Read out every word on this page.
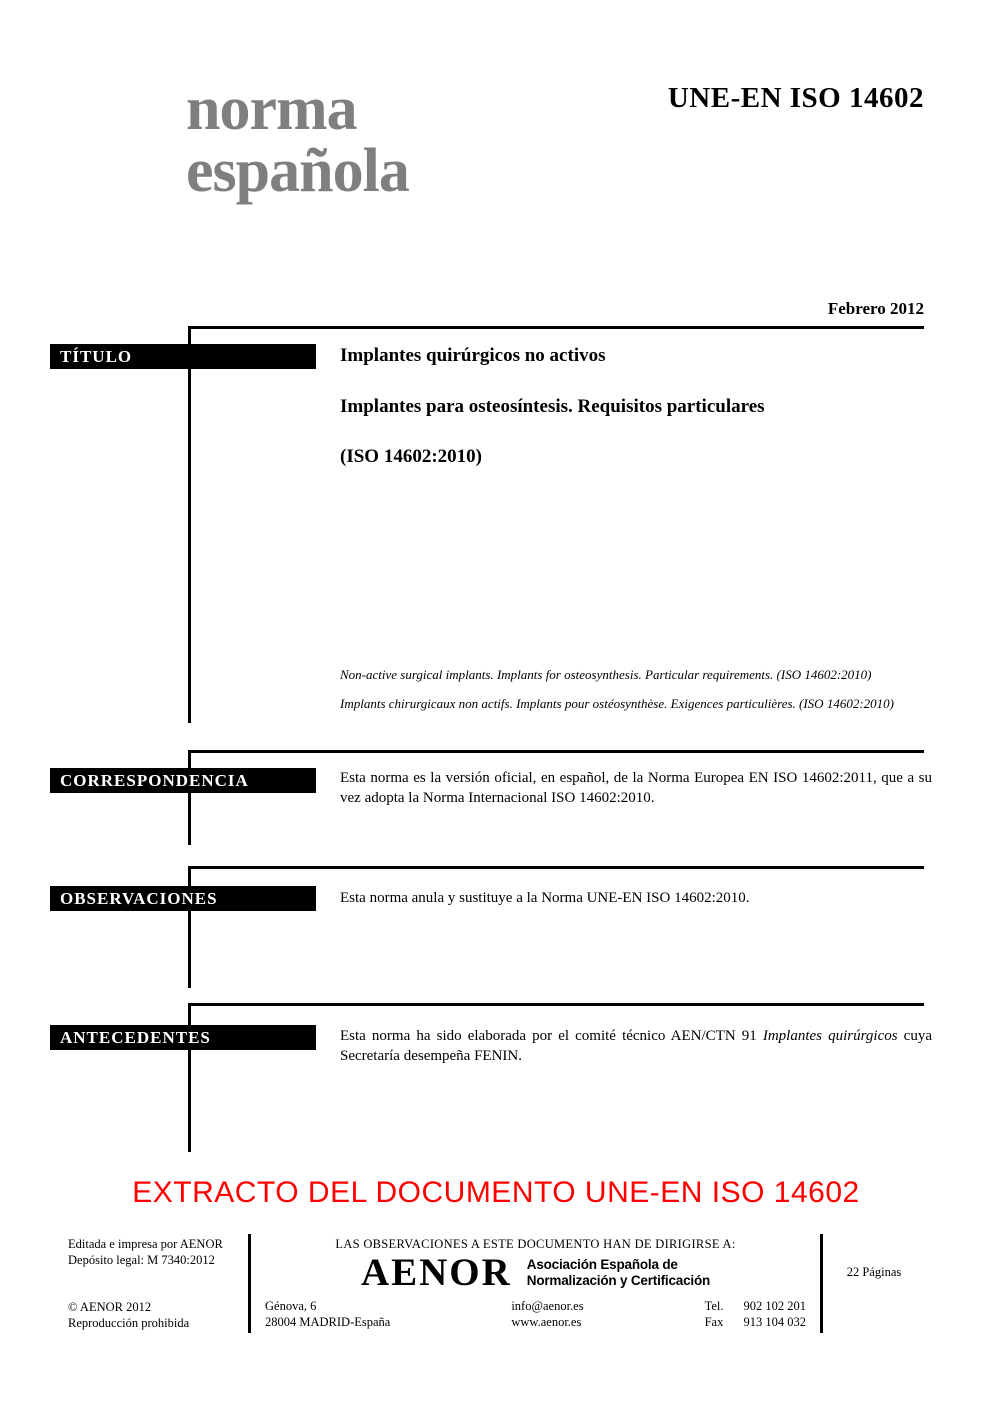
norma
española
UNE-EN ISO 14602
Febrero 2012
TÍTULO	Implantes quirúrgicos no activos
Implantes para osteosíntesis. Requisitos particulares
(ISO 14602:2010)
Non-active surgical implants. Implants for osteosynthesis. Particular requirements. (ISO 14602:2010)
Implants chirurgicaux non actifs. Implants pour ostéosynthèse. Exigences particulières. (ISO 14602:2010)
CORRESPONDENCIA	Esta norma es la versión oficial, en español, de la Norma Europea EN ISO 14602:2011, que a su vez adopta la Norma Internacional ISO 14602:2010.
OBSERVACIONES	Esta norma anula y sustituye a la Norma UNE-EN ISO 14602:2010.
ANTECEDENTES	Esta norma ha sido elaborada por el comité técnico AEN/CTN 91 Implantes quirúrgicos cuya Secretaría desempeña FENIN.
EXTRACTO DEL DOCUMENTO UNE-EN ISO 14602
Editada e impresa por AENOR
Depósito legal: M 7340:2012
© AENOR 2012
Reproducción prohibida
LAS OBSERVACIONES A ESTE DOCUMENTO HAN DE DIRIGIRSE A:
AENOR Asociación Española de
Normalización y Certificación
Génova, 6
28004 MADRID-España
info@aenor.es
www.aenor.es
Tel. 902 102 201
Fax 913 104 032
22 Páginas
